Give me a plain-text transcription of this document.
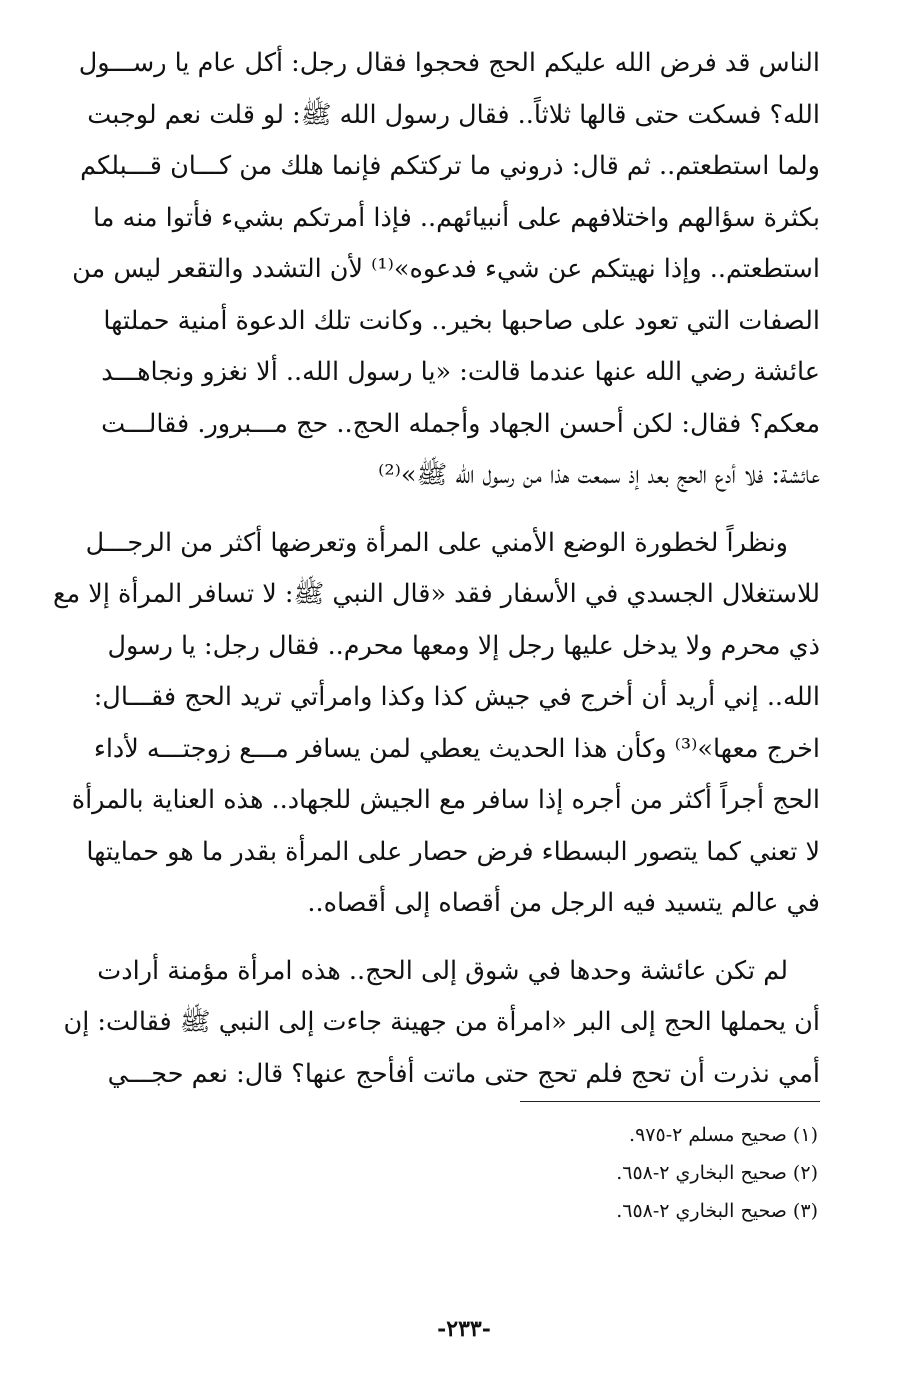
الناس قد فرض الله عليكم الحج فحجوا فقال رجل: أكل عام يا رســـول
الله؟ فسكت حتى قالها ثلاثاً.. فقال رسول الله ﷺ: لو قلت نعم لوجبت
ولما استطعتم.. ثم قال: ذروني ما تركتكم فإنما هلك من كـــان قـــبلكم
بكثرة سؤالهم واختلافهم على أنبيائهم.. فإذا أمرتكم بشيء فأتوا منه ما
استطعتم.. وإذا نهيتكم عن شيء فدعوه»⁽¹⁾ لأن التشدد والتقعر ليس من
الصفات التي تعود على صاحبها بخير.. وكانت تلك الدعوة أمنية حملتها
عائشة رضي الله عنها عندما قالت: «يا رسول الله.. ألا نغزو ونجاهـــد
معكم؟ فقال: لكن أحسن الجهاد وأجمله الحج.. حج مـــبرور. فقالـــت
عائشة: فلا أدع الحج بعد إذ سمعت هذا من رسول الله ﷺ»⁽²⁾
ونظراً لخطورة الوضع الأمني على المرأة وتعرضها أكثر من الرجـــل
للاستغلال الجسدي في الأسفار فقد «قال النبي ﷺ: لا تسافر المرأة إلا مع
ذي محرم ولا يدخل عليها رجل إلا ومعها محرم.. فقال رجل: يا رسول
الله.. إني أريد أن أخرج في جيش كذا وكذا وامرأتي تريد الحج فقـــال:
اخرج معها»⁽³⁾ وكأن هذا الحديث يعطي لمن يسافر مـــع زوجتـــه لأداء
الحج أجراً أكثر من أجره إذا سافر مع الجيش للجهاد.. هذه العناية بالمرأة
لا تعني كما يتصور البسطاء فرض حصار على المرأة بقدر ما هو حمايتها
في عالم يتسيد فيه الرجل من أقصاه إلى أقصاه..
لم تكن عائشة وحدها في شوق إلى الحج.. هذه امرأة مؤمنة أرادت
أن يحملها الحج إلى البر «امرأة من جهينة جاءت إلى النبي ﷺ فقالت: إن
أمي نذرت أن تحج فلم تحج حتى ماتت أفأحج عنها؟ قال: نعم حجـــي
(١) صحيح مسلم ٢-٩٧٥.
(٢) صحيح البخاري ٢-٦٥٨.
(٣) صحيح البخاري ٢-٦٥٨.
-٢٣٣-
